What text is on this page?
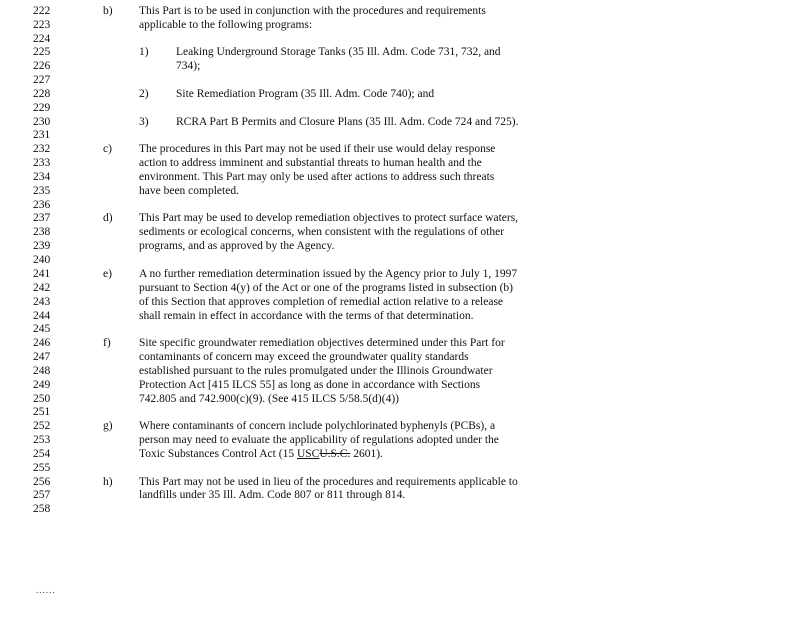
222
223
224
225
226
227
228
229
230
231
232
233
234
235
236
237
238
239
240
241
242
243
244
245
246
247
248
249
250
251
252
253
254
255
256
257
258
b) This Part is to be used in conjunction with the procedures and requirements
applicable to the following programs:
1) Leaking Underground Storage Tanks (35 Ill. Adm. Code 731, 732, and
734);
2) Site Remediation Program (35 Ill. Adm. Code 740); and
3) RCRA Part B Permits and Closure Plans (35 Ill. Adm. Code 724 and 725).
c) The procedures in this Part may not be used if their use would delay response
action to address imminent and substantial threats to human health and the
environment. This Part may only be used after actions to address such threats
have been completed.
d) This Part may be used to develop remediation objectives to protect surface waters,
sediments or ecological concerns, when consistent with the regulations of other
programs, and as approved by the Agency.
e) A no further remediation determination issued by the Agency prior to July 1, 1997
pursuant to Section 4(y) of the Act or one of the programs listed in subsection (b)
of this Section that approves completion of remedial action relative to a release
shall remain in effect in accordance with the terms of that determination.
f) Site specific groundwater remediation objectives determined under this Part for
contaminants of concern may exceed the groundwater quality standards
established pursuant to the rules promulgated under the Illinois Groundwater
Protection Act [415 ILCS 55] as long as done in accordance with Sections
742.805 and 742.900(c)(9). (See 415 ILCS 5/58.5(d)(4))
g) Where contaminants of concern include polychlorinated byphenyls (PCBs), a
person may need to evaluate the applicability of regulations adopted under the
Toxic Substances Control Act (15 USCU.S.C. 2601).
h) This Part may not be used in lieu of the procedures and requirements applicable to
landfills under 35 Ill. Adm. Code 807 or 811 through 814.
......
